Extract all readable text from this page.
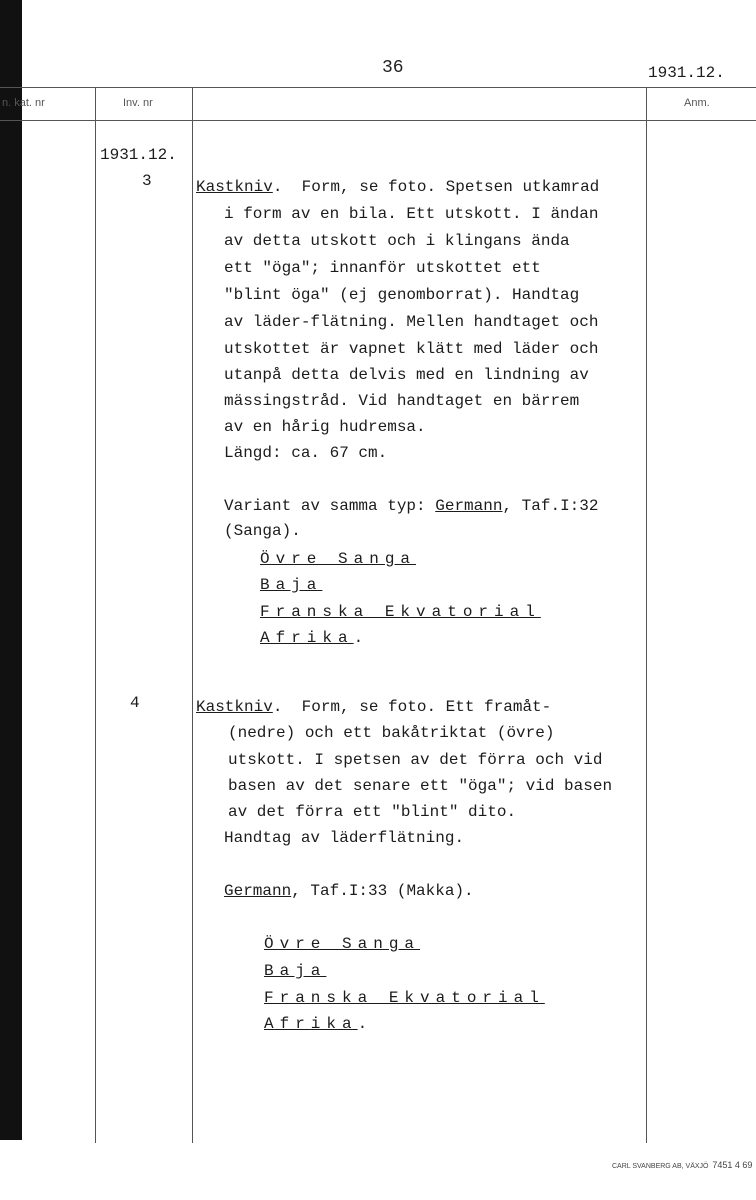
36	1931.12.
n. kat. nr	Inv. nr	Anm.
1931.12.
3	Kastkniv.  Form, se foto. Spetsen utkamrad
i form av en bila. Ett utskott. I ändan
av detta utskott och i klingans ända
ett "öga"; innanför utskottet ett
"blint öga" (ej genomborrat). Handtag
av läder-flätning. Mellen handtaget och
utskottet är vapnet klätt med läder och
utanpå detta delvis med en lindning av
mässingstråd. Vid handtaget en bärrem
av en hårig hudremsa.
Längd: ca. 67 cm.
Variant av samma typ: Germann, Taf.I:32
(Sanga).
Övre Sanga
Baja
Franska Ekvatorial
Afrika.
4	Kastkniv.  Form, se foto. Ett framåt-
(nedre) och ett bakåtriktat (övre)
utskott. I spetsen av det förra och vid
basen av det senare ett "öga"; vid basen
av det förra ett "blint" dito.
Handtag av läderflätning.
Germann, Taf.I:33 (Makka).
Övre Sanga
Baja
Franska Ekvatorial
Afrika.
CARL SVANBERG AB, VÄXJÖ 7451 4 69
